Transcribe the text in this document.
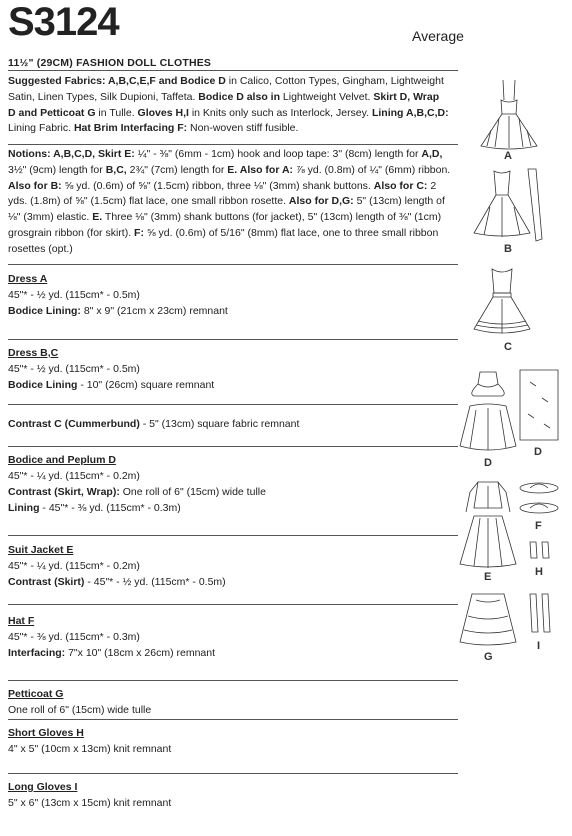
S3124	Average
11½" (29CM) FASHION DOLL CLOTHES
Suggested Fabrics: A,B,C,E,F and Bodice D in Calico, Cotton Types, Gingham, Lightweight
Satin, Linen Types, Silk Dupioni, Taffeta. Bodice D also in Lightweight Velvet. Skirt D, Wrap
D and Petticoat G in Tulle. Gloves H,I in Knits only such as Interlock, Jersey. Lining A,B,C,D:
Lining Fabric. Hat Brim Interfacing F: Non-woven stiff fusible.
Notions: A,B,C,D, Skirt E: ¼" - ⅜" (6mm - 1cm) hook and loop tape: 3" (8cm) length for A,D,
3½" (9cm) length for B,C, 2¾" (7cm) length for E. Also for A: ⅞ yd. (0.8m) of ¼" (6mm) ribbon.
Also for B: ⅝ yd. (0.6m) of ⅝" (1.5cm) ribbon, three ⅛" (3mm) shank buttons. Also for C: 2
yds. (1.8m) of ⅝" (1.5cm) flat lace, one small ribbon rosette. Also for D,G: 5" (13cm) length of
⅛" (3mm) elastic. E. Three ⅛" (3mm) shank buttons (for jacket), 5" (13cm) length of ⅜" (1cm)
grosgrain ribbon (for skirt). F: ⅝ yd. (0.6m) of 5/16" (8mm) flat lace, one to three small ribbon
rosettes (opt.)
Dress A
45"* - ½ yd. (115cm* - 0.5m)
Bodice Lining: 8" x 9" (21cm x 23cm) remnant
Dress B,C
45"* - ½ yd. (115cm* - 0.5m)
Bodice Lining - 10" (26cm) square remnant
Contrast C (Cummerbund) - 5" (13cm) square fabric remnant
Bodice and Peplum D
45"* - ¼ yd. (115cm* - 0.2m)
Contrast (Skirt, Wrap): One roll of 6" (15cm) wide tulle
Lining - 45"* - ⅜ yd. (115cm* - 0.3m)
Suit Jacket E
45"* - ¼ yd. (115cm* - 0.2m)
Contrast (Skirt) - 45"* - ½ yd. (115cm* - 0.5m)
Hat F
45"* - ⅜ yd. (115cm* - 0.3m)
Interfacing: 7"x 10" (18cm x 26cm) remnant
Petticoat G
One roll of 6" (15cm) wide tulle
Short Gloves H
4" x 5" (10cm x 13cm) knit remnant
Long Gloves I
5" x 6" (13cm x 15cm) knit remnant
A
B
C
D
D
E
F
H
G
I
